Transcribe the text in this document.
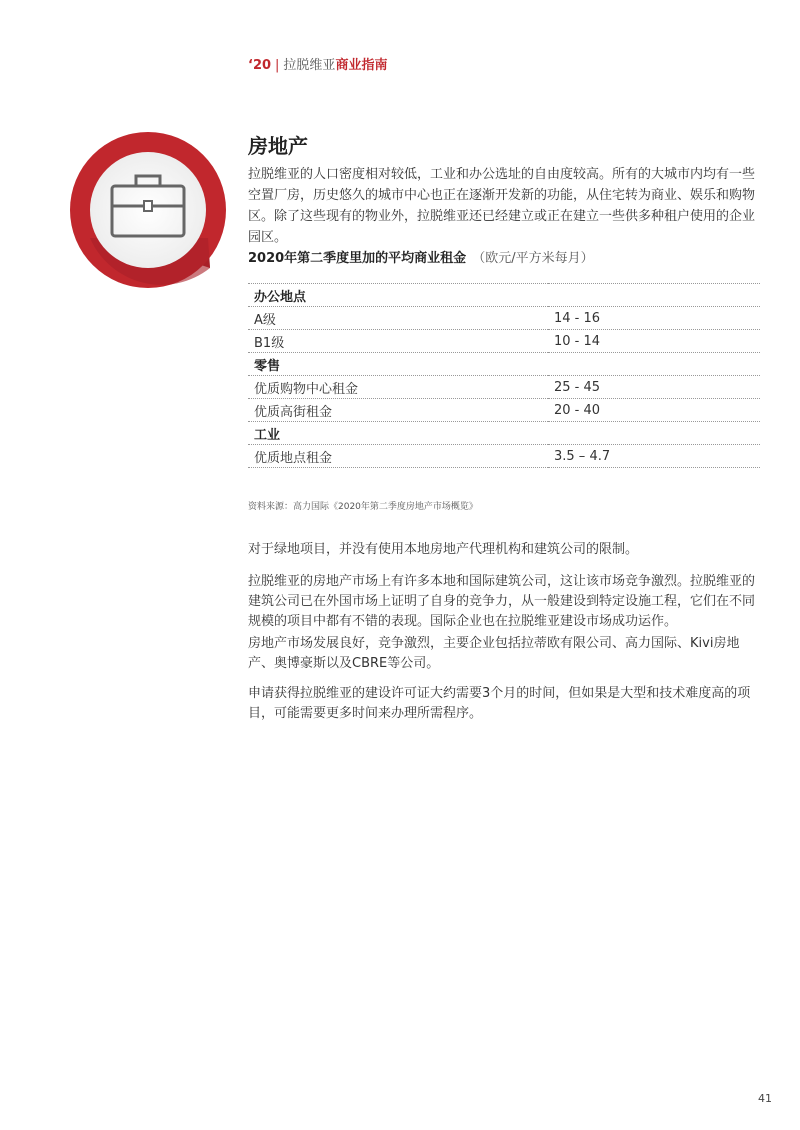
‘20 | 拉脱维亚商业指南
房地产

拉脱维亚的人口密度相对较低，工业和办公选址的自由度较高。所有的大城市内均有一些空置厂房，历史悠久的城市中心也正在逐渐开发新的功能，从住宅转为商业、娱乐和购物区。除了这些现有的物业外，拉脱维亚还已经建立或正在建立一些供多种租户使用的企业园区。

2020年第二季度里加的平均商业租金 （欧元/平方米每月）
办公地点	
A级	14 - 16
B1级	10 - 14
零售	
优质购物中心租金	25 - 45
优质高街租金	20 - 40
工业	
优质地点租金	3.5 – 4.7
资料来源：高力国际《2020年第二季度房地产市场概览》

对于绿地项目，并没有使用本地房地产代理机构和建筑公司的限制。

拉脱维亚的房地产市场上有许多本地和国际建筑公司，这让该市场竞争激烈。拉脱维亚的建筑公司已在外国市场上证明了自身的竞争力，从一般建设到特定设施工程，它们在不同规模的项目中都有不错的表现。国际企业也在拉脱维亚建设市场成功运作。

房地产市场发展良好，竞争激烈，主要企业包括拉蒂欧有限公司、高力国际、Kivi房地产、奥博豪斯以及CBRE等公司。

申请获得拉脱维亚的建设许可证大约需要3个月的时间，但如果是大型和技术难度高的项目，可能需要更多时间来办理所需程序。

41
